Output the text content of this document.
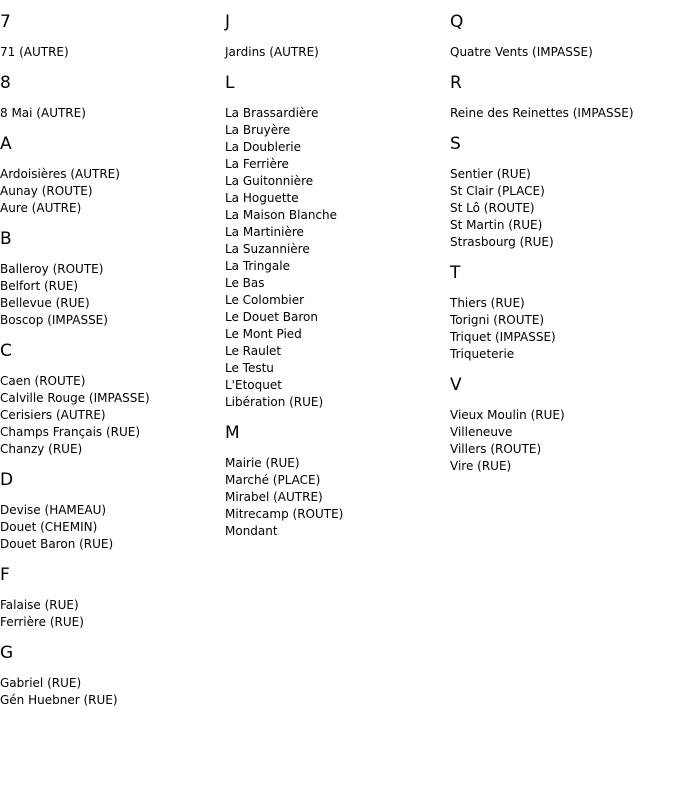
7
71 (AUTRE)
8
8 Mai (AUTRE)
A
Ardoisières (AUTRE)
Aunay (ROUTE)
Aure (AUTRE)
B
Balleroy (ROUTE)
Belfort (RUE)
Bellevue (RUE)
Boscop (IMPASSE)
C
Caen (ROUTE)
Calville Rouge (IMPASSE)
Cerisiers (AUTRE)
Champs Français (RUE)
Chanzy (RUE)
D
Devise (HAMEAU)
Douet (CHEMIN)
Douet Baron (RUE)
F
Falaise (RUE)
Ferrière (RUE)
G
Gabriel (RUE)
Gén Huebner (RUE)
J
Jardins (AUTRE)
L
La Brassardière
La Bruyère
La Doublerie
La Ferrière
La Guitonnière
La Hoguette
La Maison Blanche
La Martinière
La Suzannière
La Tringale
Le Bas
Le Colombier
Le Douet Baron
Le Mont Pied
Le Raulet
Le Testu
L'Etoquet
Libération (RUE)
M
Mairie (RUE)
Marché (PLACE)
Mirabel (AUTRE)
Mitrecamp (ROUTE)
Mondant
Q
Quatre Vents (IMPASSE)
R
Reine des Reinettes (IMPASSE)
S
Sentier (RUE)
St Clair (PLACE)
St Lô (ROUTE)
St Martin (RUE)
Strasbourg (RUE)
T
Thiers (RUE)
Torigni (ROUTE)
Triquet (IMPASSE)
Triqueterie
V
Vieux Moulin (RUE)
Villeneuve
Villers (ROUTE)
Vire (RUE)
